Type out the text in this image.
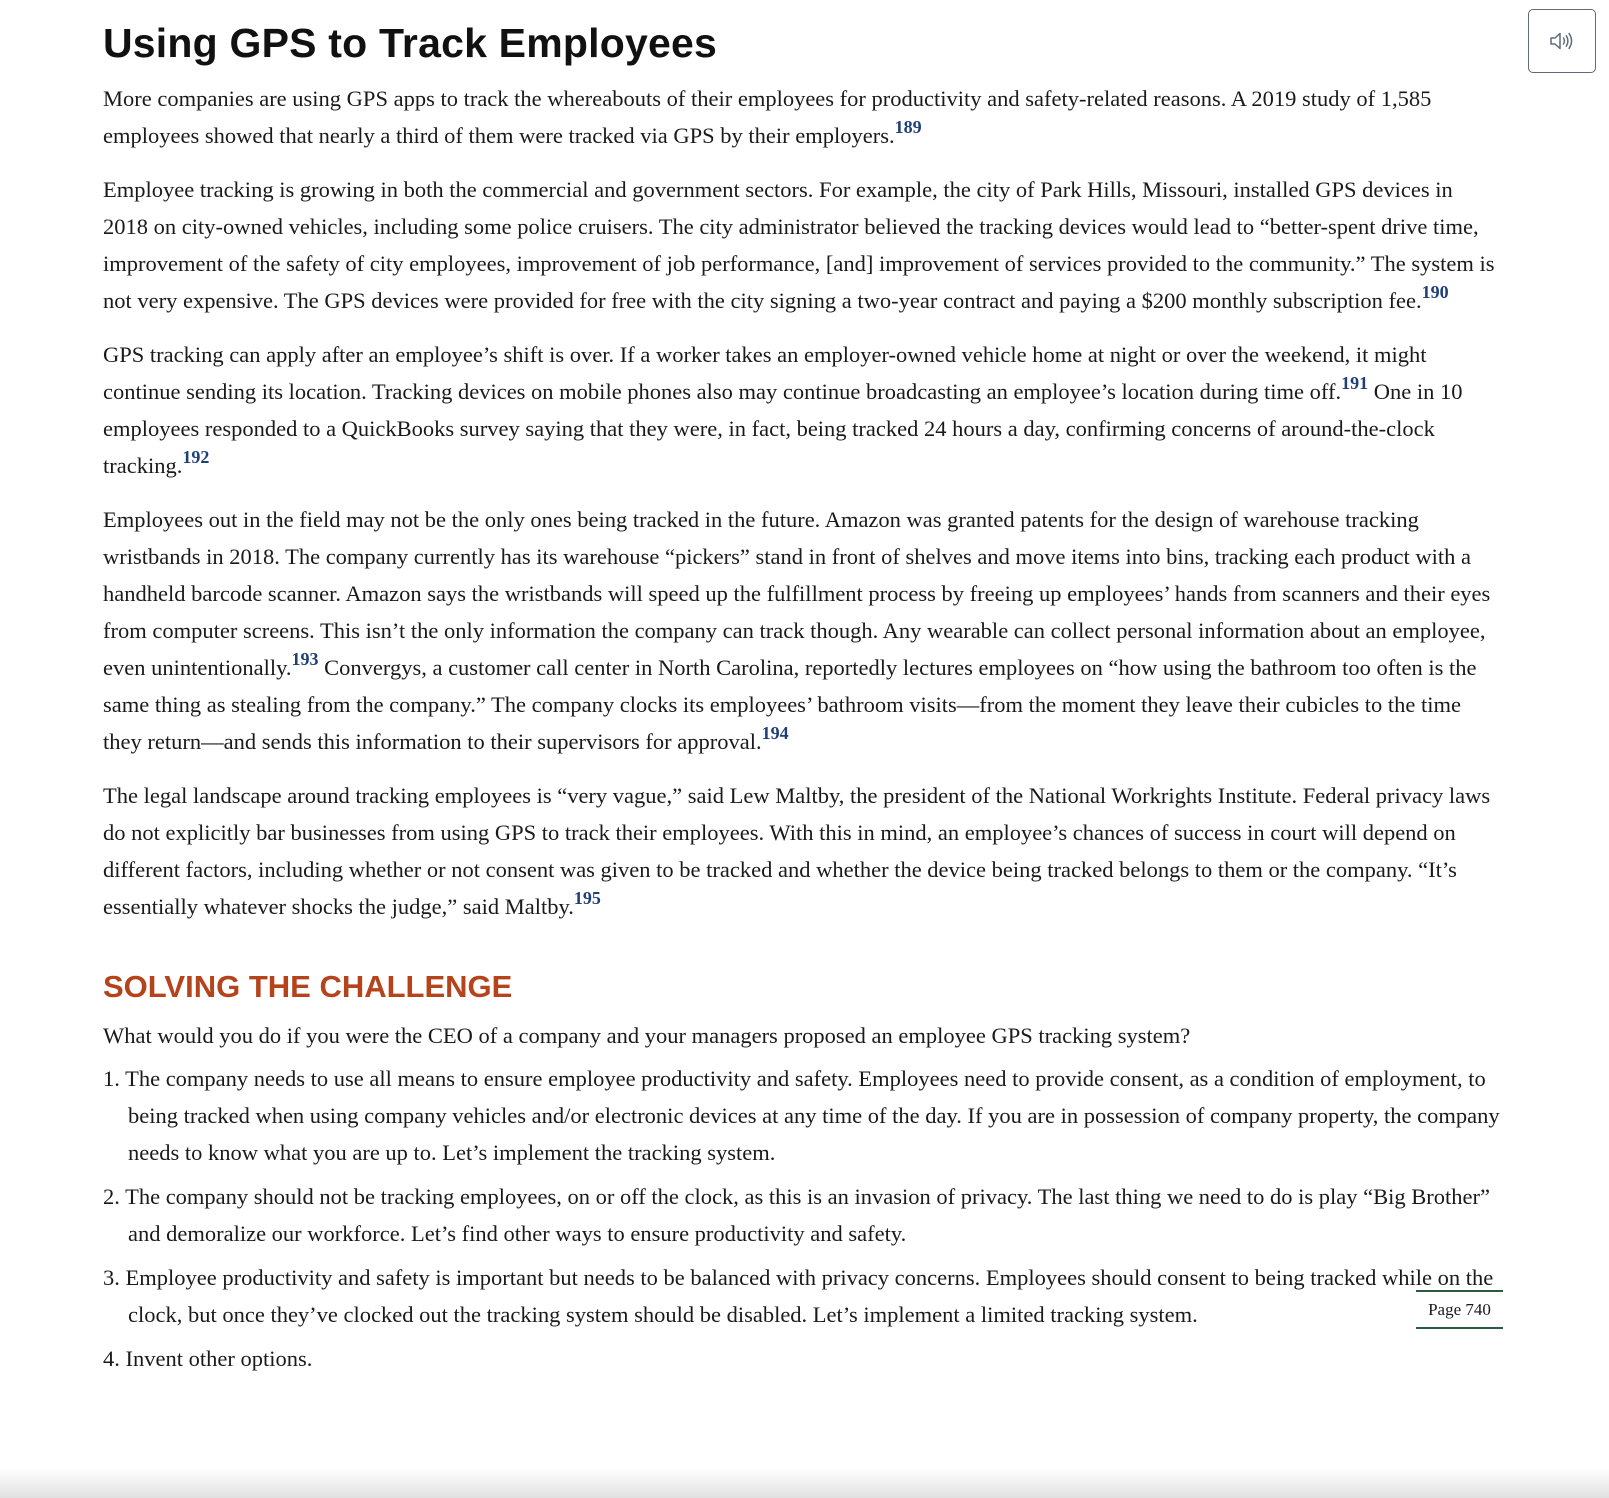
Using GPS to Track Employees

More companies are using GPS apps to track the whereabouts of their employees for productivity and safety-related reasons. A 2019 study of 1,585 employees showed that nearly a third of them were tracked via GPS by their employers.$^{189}$

Employee tracking is growing in both the commercial and government sectors. For example, the city of Park Hills, Missouri, installed GPS devices in 2018 on city-owned vehicles, including some police cruisers. The city administrator believed the tracking devices would lead to “better-spent drive time, improvement of the safety of city employees, improvement of job performance, [and] improvement of services provided to the community.” The system is not very expensive. The GPS devices were provided for free with the city signing a two-year contract and paying a $200 monthly subscription fee.$^{190}$

GPS tracking can apply after an employee’s shift is over. If a worker takes an employer-owned vehicle home at night or over the weekend, it might continue sending its location. Tracking devices on mobile phones also may continue broadcasting an employee’s location during time off.$^{191}$ One in 10 employees responded to a QuickBooks survey saying that they were, in fact, being tracked 24 hours a day, confirming concerns of around-the-clock tracking.$^{192}$

Employees out in the field may not be the only ones being tracked in the future. Amazon was granted patents for the design of warehouse tracking wristbands in 2018. The company currently has its warehouse “pickers” stand in front of shelves and move items into bins, tracking each product with a handheld barcode scanner. Amazon says the wristbands will speed up the fulfillment process by freeing up employees’ hands from scanners and their eyes from computer screens. This isn’t the only information the company can track though. Any wearable can collect personal information about an employee, even unintentionally.$^{193}$ Convergys, a customer call center in North Carolina, reportedly lectures employees on “how using the bathroom too often is the same thing as stealing from the company.” The company clocks its employees’ bathroom visits—from the moment they leave their cubicles to the time they return—and sends this information to their supervisors for approval.$^{194}$

The legal landscape around tracking employees is “very vague,” said Lew Maltby, the president of the National Workrights Institute. Federal privacy laws do not explicitly bar businesses from using GPS to track their employees. With this in mind, an employee’s chances of success in court will depend on different factors, including whether or not consent was given to be tracked and whether the device being tracked belongs to them or the company. “It’s essentially whatever shocks the judge,” said Maltby.$^{195}$

SOLVING THE CHALLENGE

What would you do if you were the CEO of a company and your managers proposed an employee GPS tracking system?

1. The company needs to use all means to ensure employee productivity and safety. Employees need to provide consent, as a condition of employment, to being tracked when using company vehicles and/or electronic devices at any time of the day. If you are in possession of company property, the company needs to know what you are up to. Let’s implement the tracking system.
2. The company should not be tracking employees, on or off the clock, as this is an invasion of privacy. The last thing we need to do is play “Big Brother” and demoralize our workforce. Let’s find other ways to ensure productivity and safety.
3. Employee productivity and safety is important but needs to be balanced with privacy concerns. Employees should consent to being tracked while on the clock, but once they’ve clocked out the tracking system should be disabled. Let’s implement a limited tracking system.
4. Invent other options.
Page 740
